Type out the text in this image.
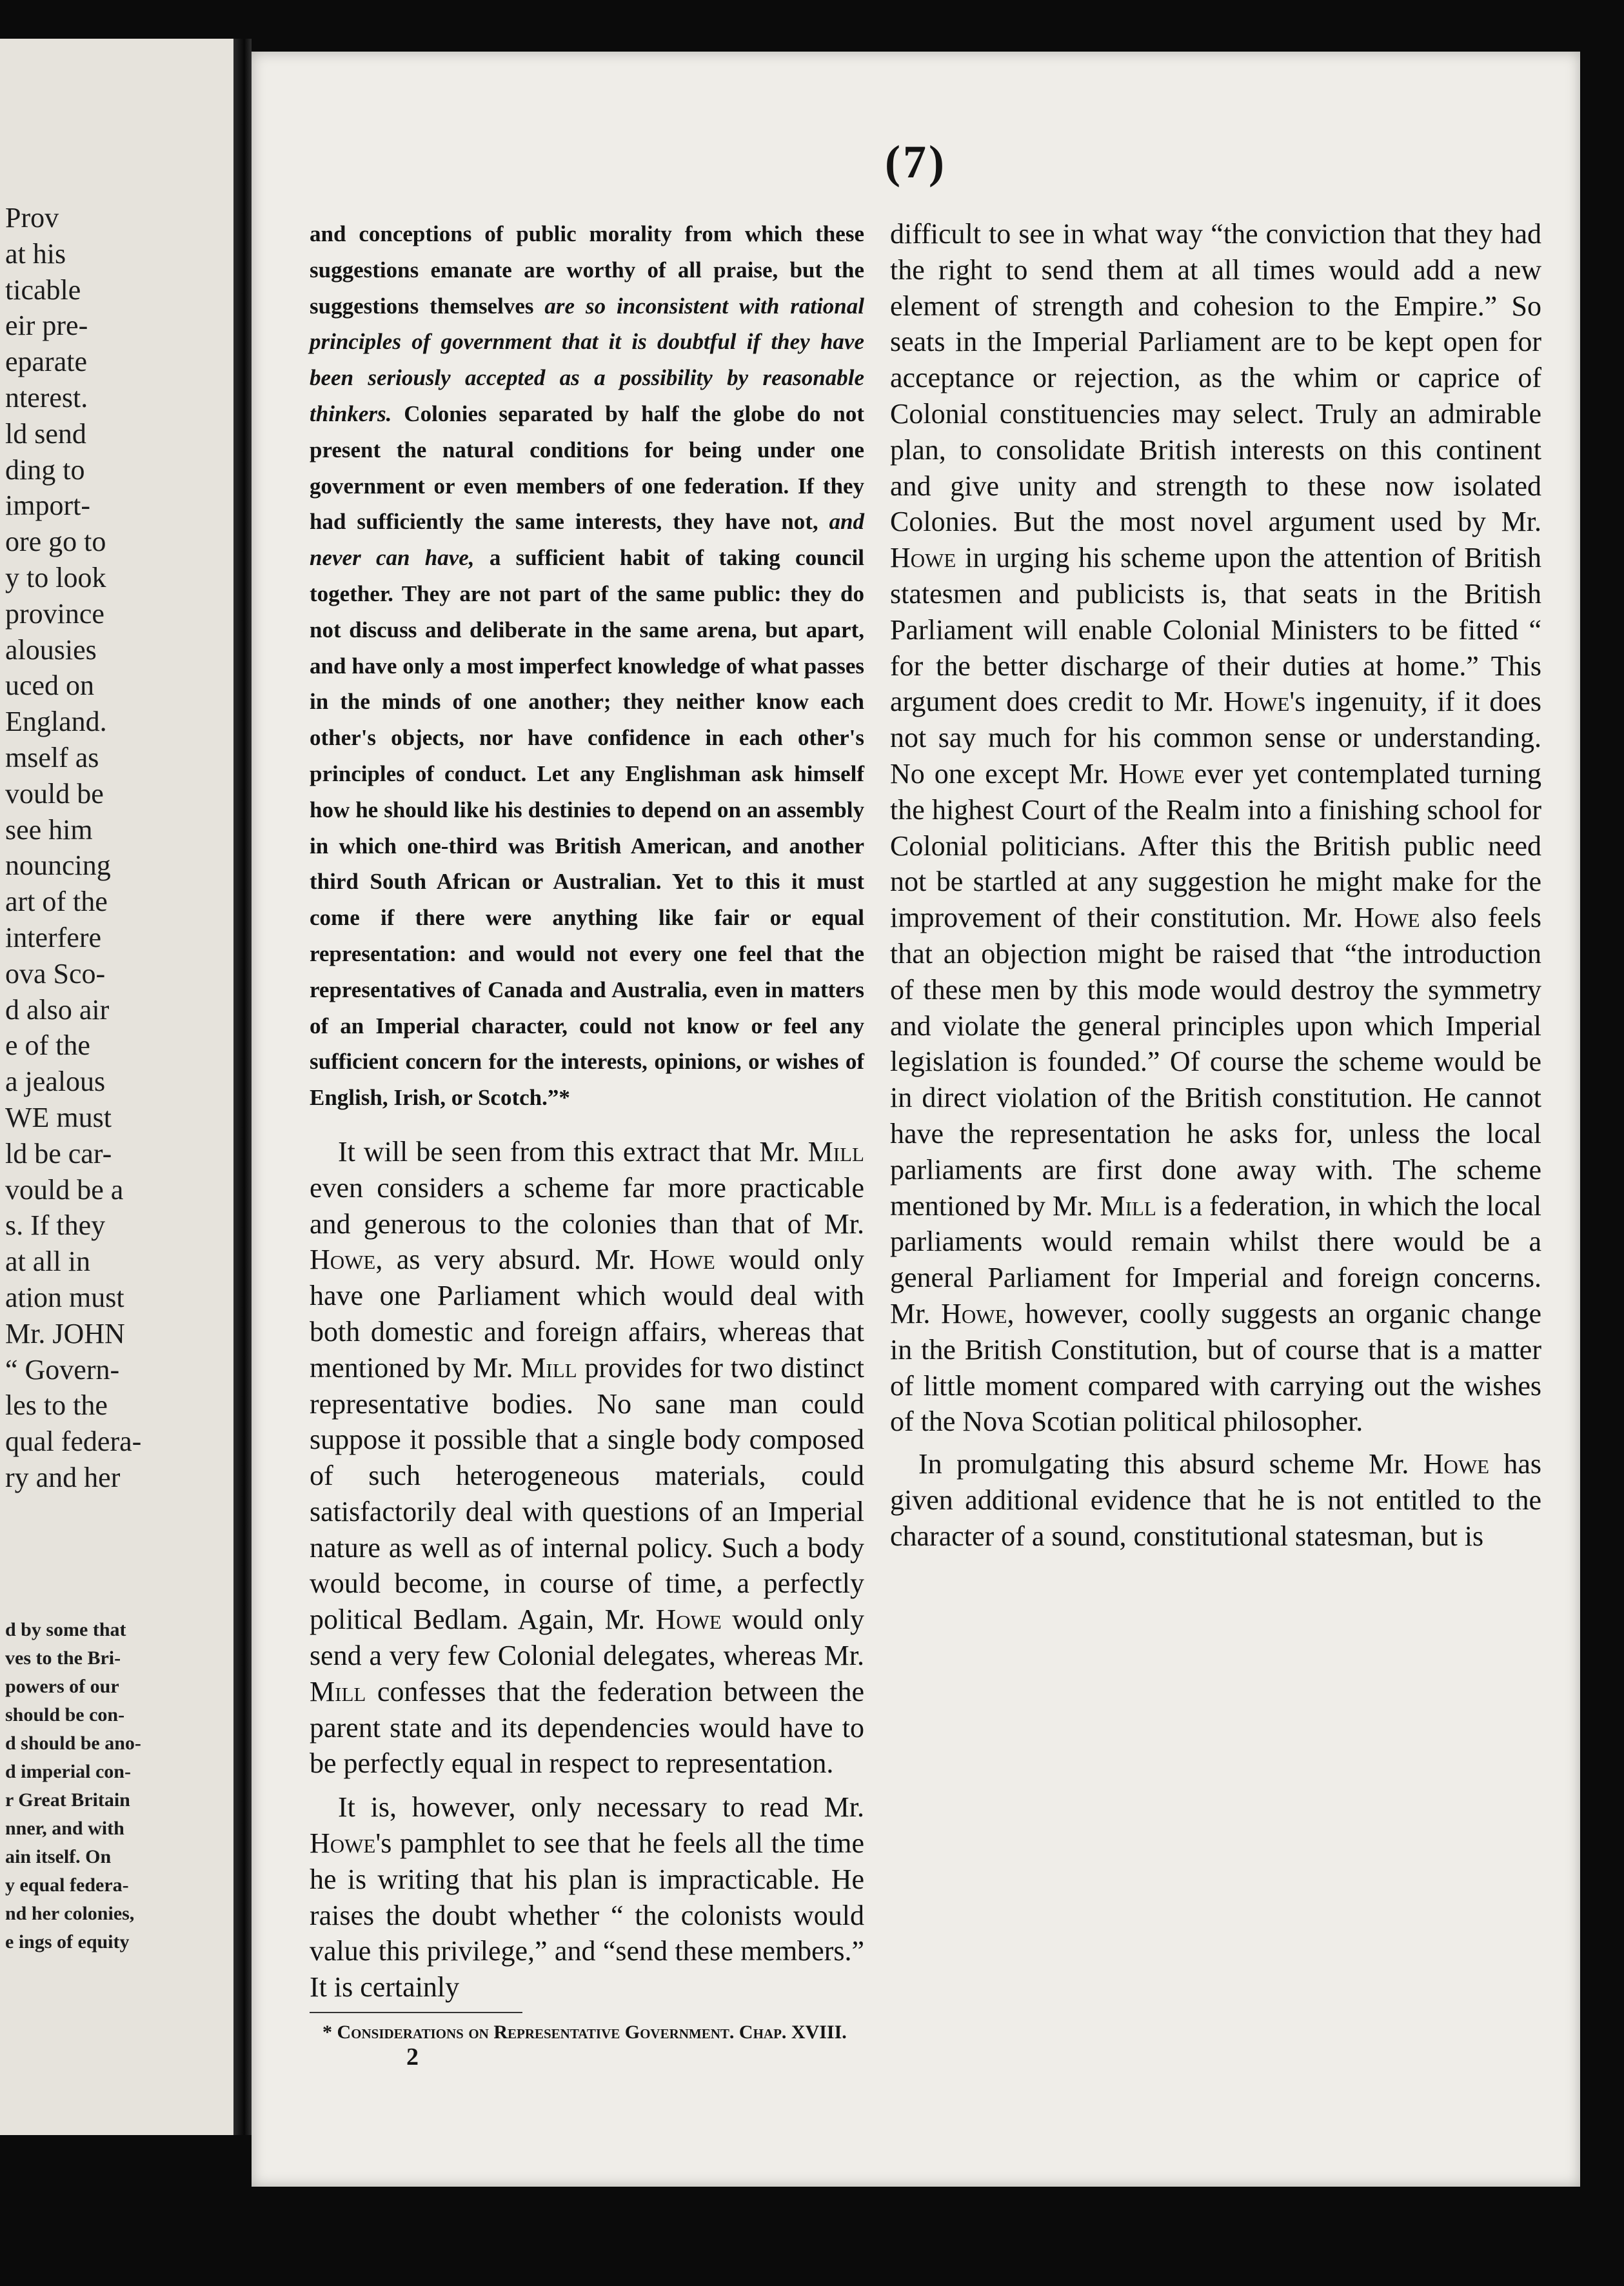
Prov
at his
ticable
eir pre-
eparate
nterest.
ld send
ding to
import-
ore go to
y to look
province
alousies
uced on
England.
mself as
vould be
see him
nouncing
art of the
interfere
ova Sco-
d also air
e of the
a jealous
WE must
ld be car-
vould be a
s. If they
at all in
ation must
Mr. JOHN
“ Govern-
les to the
qual federa-
ry and her
d by some that
ves to the Bri-
powers of our
should be con-
d should be ano-
d imperial con-
r Great Britain
nner, and with
ain itself. On
y equal federa-
nd her colonies,
e ings of equity
(7)

and conceptions of public morality from which these suggestions emanate are worthy of all praise, but the suggestions themselves are so inconsistent with rational principles of government that it is doubtful if they have been seriously accepted as a possibility by reasonable thinkers. Colonies separated by half the globe do not present the natural conditions for being under one government or even members of one federation. If they had sufficiently the same interests, they have not, and never can have, a sufficient habit of taking council together. They are not part of the same public: they do not discuss and deliberate in the same arena, but apart, and have only a most imperfect knowledge of what passes in the minds of one another; they neither know each other's objects, nor have confidence in each other's principles of conduct. Let any Englishman ask himself how he should like his destinies to depend on an assembly in which one-third was British American, and another third South African or Australian. Yet to this it must come if there were anything like fair or equal representation: and would not every one feel that the representatives of Canada and Australia, even in matters of an Imperial character, could not know or feel any sufficient concern for the interests, opinions, or wishes of English, Irish, or Scotch.”*

It will be seen from this extract that Mr. Mill even considers a scheme far more practicable and generous to the colonies than that of Mr. Howe, as very absurd. Mr. Howe would only have one Parliament which would deal with both domestic and foreign affairs, whereas that mentioned by Mr. Mill provides for two distinct representative bodies. No sane man could suppose it possible that a single body composed of such heterogeneous materials, could satisfactorily deal with questions of an Imperial nature as well as of internal policy. Such a body would become, in course of time, a perfectly political Bedlam. Again, Mr. Howe would only send a very few Colonial delegates, whereas Mr. Mill confesses that the federation between the parent state and its dependencies would have to be perfectly equal in respect to representation.

It is, however, only necessary to read Mr. Howe's pamphlet to see that he feels all the time he is writing that his plan is impracticable. He raises the doubt whether “ the colonists would value this privilege,” and “send these members.” It is certainly

* Considerations on Representative Government. Chap. XVIII.

2

difficult to see in what way “the conviction that they had the right to send them at all times would add a new element of strength and cohesion to the Empire.” So seats in the Imperial Parliament are to be kept open for acceptance or rejection, as the whim or caprice of Colonial constituencies may select. Truly an admirable plan, to consolidate British interests on this continent and give unity and strength to these now isolated Colonies. But the most novel argument used by Mr. Howe in urging his scheme upon the attention of British statesmen and publicists is, that seats in the British Parliament will enable Colonial Ministers to be fitted “ for the better discharge of their duties at home.” This argument does credit to Mr. Howe's ingenuity, if it does not say much for his common sense or understanding. No one except Mr. Howe ever yet contemplated turning the highest Court of the Realm into a finishing school for Colonial politicians. After this the British public need not be startled at any suggestion he might make for the improvement of their constitution. Mr. Howe also feels that an objection might be raised that “the introduction of these men by this mode would destroy the symmetry and violate the general principles upon which Imperial legislation is founded.” Of course the scheme would be in direct violation of the British constitution. He cannot have the representation he asks for, unless the local parliaments are first done away with. The scheme mentioned by Mr. Mill is a federation, in which the local parliaments would remain whilst there would be a general Parliament for Imperial and foreign concerns. Mr. Howe, however, coolly suggests an organic change in the British Constitution, but of course that is a matter of little moment compared with carrying out the wishes of the Nova Scotian political philosopher.

In promulgating this absurd scheme Mr. Howe has given additional evidence that he is not entitled to the character of a sound, constitutional statesman, but is
